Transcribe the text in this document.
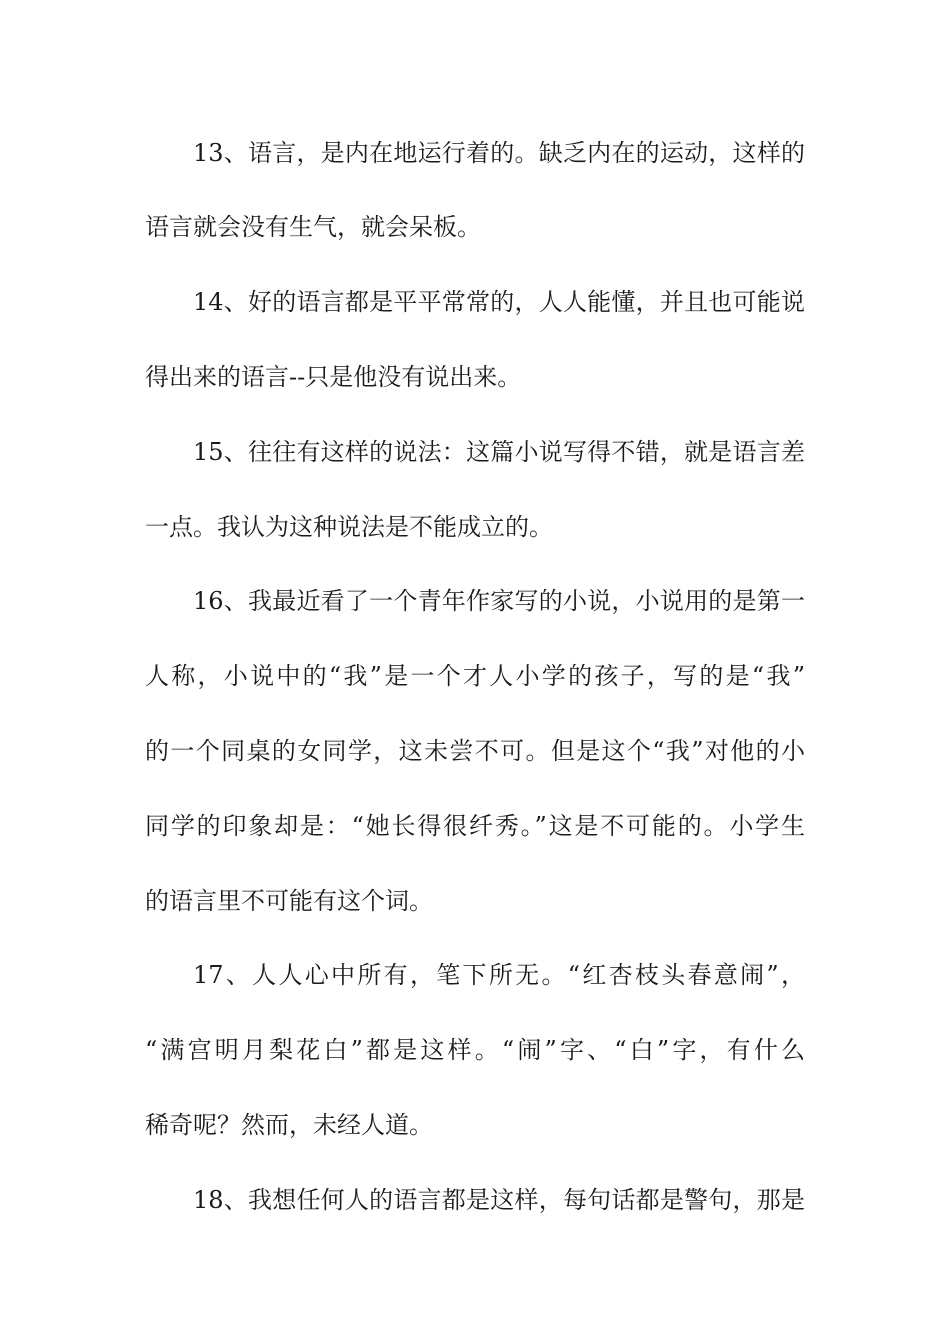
13、语言，是内在地运行着的。缺乏内在的运动，这样的
语言就会没有生气，就会呆板。
14、好的语言都是平平常常的，人人能懂，并且也可能说
得出来的语言--只是他没有说出来。
15、往往有这样的说法：这篇小说写得不错，就是语言差
一点。我认为这种说法是不能成立的。
16、我最近看了一个青年作家写的小说，小说用的是第一
人称，小说中的“我”是一个才人小学的孩子，写的是“我”
的一个同桌的女同学，这未尝不可。但是这个“我”对他的小
同学的印象却是：“她长得很纤秀。”这是不可能的。小学生
的语言里不可能有这个词。
17、人人心中所有，笔下所无。“红杏枝头春意闹”，
“满宫明月梨花白”都是这样。“闹”字、“白”字，有什么
稀奇呢？然而，未经人道。
18、我想任何人的语言都是这样，每句话都是警句，那是
